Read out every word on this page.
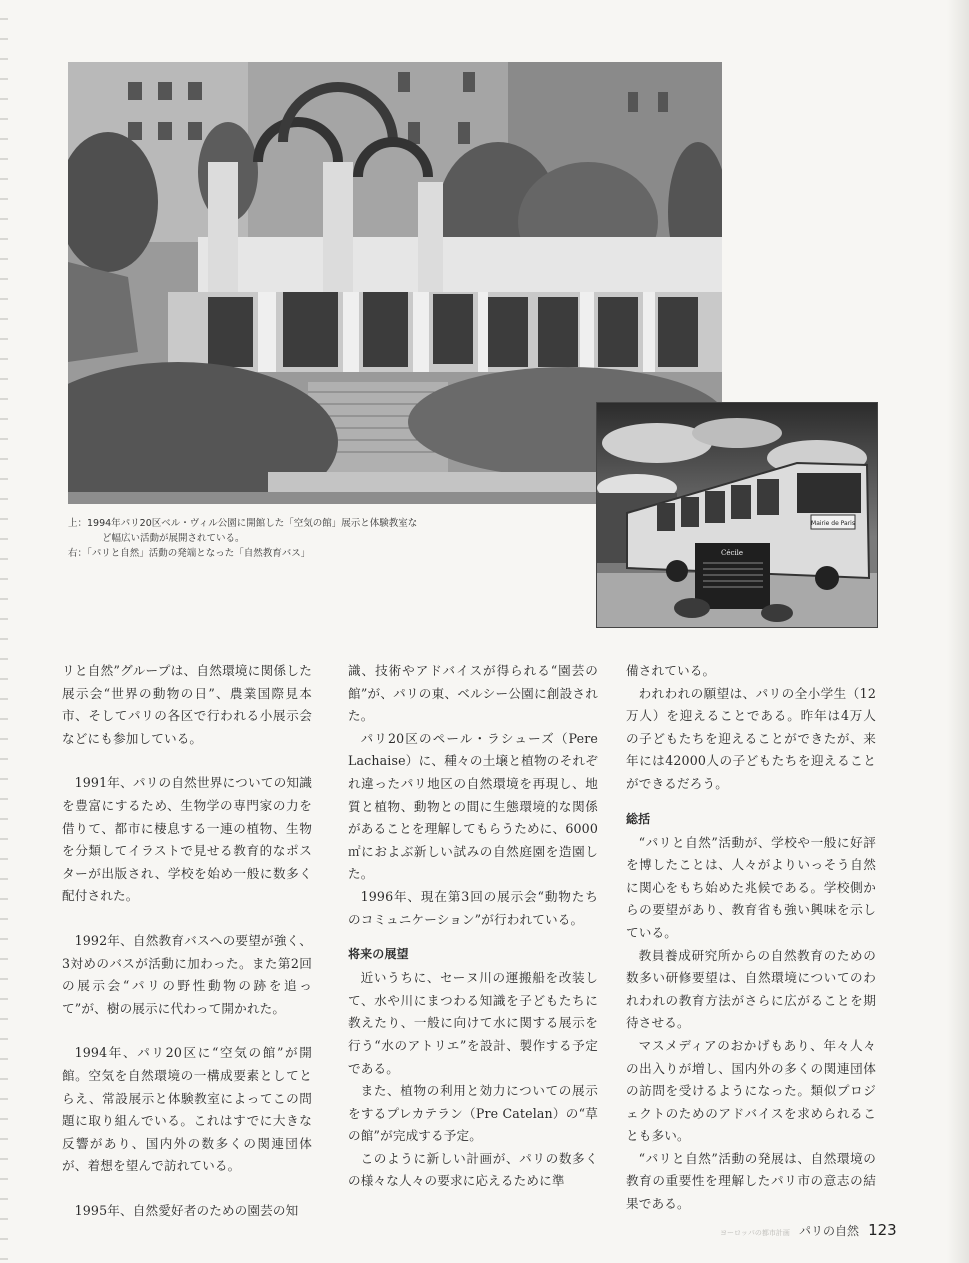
Mairie de Paris
Cécile
上：1994年パリ20区ベル・ヴィル公園に開館した「空気の館」展示と体験教室な
ど幅広い活動が展開されている。
右：「パリと自然」活動の発端となった「自然教育バス」

リと自然”グループは、自然環境に関係した展示会“世界の動物の日”、農業国際見本市、そしてパリの各区で行われる小展示会などにも参加している。

1991年、パリの自然世界についての知識を豊富にするため、生物学の専門家の力を借りて、都市に棲息する一連の植物、生物を分類してイラストで見せる教育的なポスターが出版され、学校を始め一般に数多く配付された。

1992年、自然教育バスへの要望が強く、3対めのバスが活動に加わった。また第2回の展示会“パリの野性動物の跡を追って”が、樹の展示に代わって開かれた。

1994年、パリ20区に“空気の館”が開館。空気を自然環境の一構成要素としてとらえ、常設展示と体験教室によってこの問題に取り組んでいる。これはすでに大きな反響があり、国内外の数多くの関連団体が、着想を望んで訪れている。

1995年、自然愛好者のための園芸の知

識、技術やアドバイスが得られる“園芸の館”が、パリの東、ベルシー公園に創設された。

パリ20区のペール・ラシューズ（Pere Lachaise）に、種々の土壌と植物のそれぞれ違ったパリ地区の自然環境を再現し、地質と植物、動物との間に生態環境的な関係があることを理解してもらうために、6000㎡におよぶ新しい試みの自然庭園を造園した。

1996年、現在第3回の展示会“動物たちのコミュニケーション”が行われている。

将来の展望

近いうちに、セーヌ川の運搬船を改装して、水や川にまつわる知識を子どもたちに教えたり、一般に向けて水に関する展示を行う“水のアトリエ”を設計、製作する予定である。

また、植物の利用と効力についての展示をするプレカテラン（Pre Catelan）の“草の館”が完成する予定。

このように新しい計画が、パリの数多くの様々な人々の要求に応えるために準

備されている。

われわれの願望は、パリの全小学生（12万人）を迎えることである。昨年は4万人の子どもたちを迎えることができたが、来年には42000人の子どもたちを迎えることができるだろう。

総括

“パリと自然”活動が、学校や一般に好評を博したことは、人々がよりいっそう自然に関心をもち始めた兆候である。学校側からの要望があり、教育省も強い興味を示している。

教員養成研究所からの自然教育のための数多い研修要望は、自然環境についてのわれわれの教育方法がさらに広がることを期待させる。

マスメディアのおかげもあり、年々人々の出入りが増し、国内外の多くの関連団体の訪問を受けるようになった。類似プロジェクトのためのアドバイスを求められることも多い。

“パリと自然”活動の発展は、自然環境の教育の重要性を理解したパリ市の意志の結果である。

ヨーロッパの都市計画 パリの自然 123
